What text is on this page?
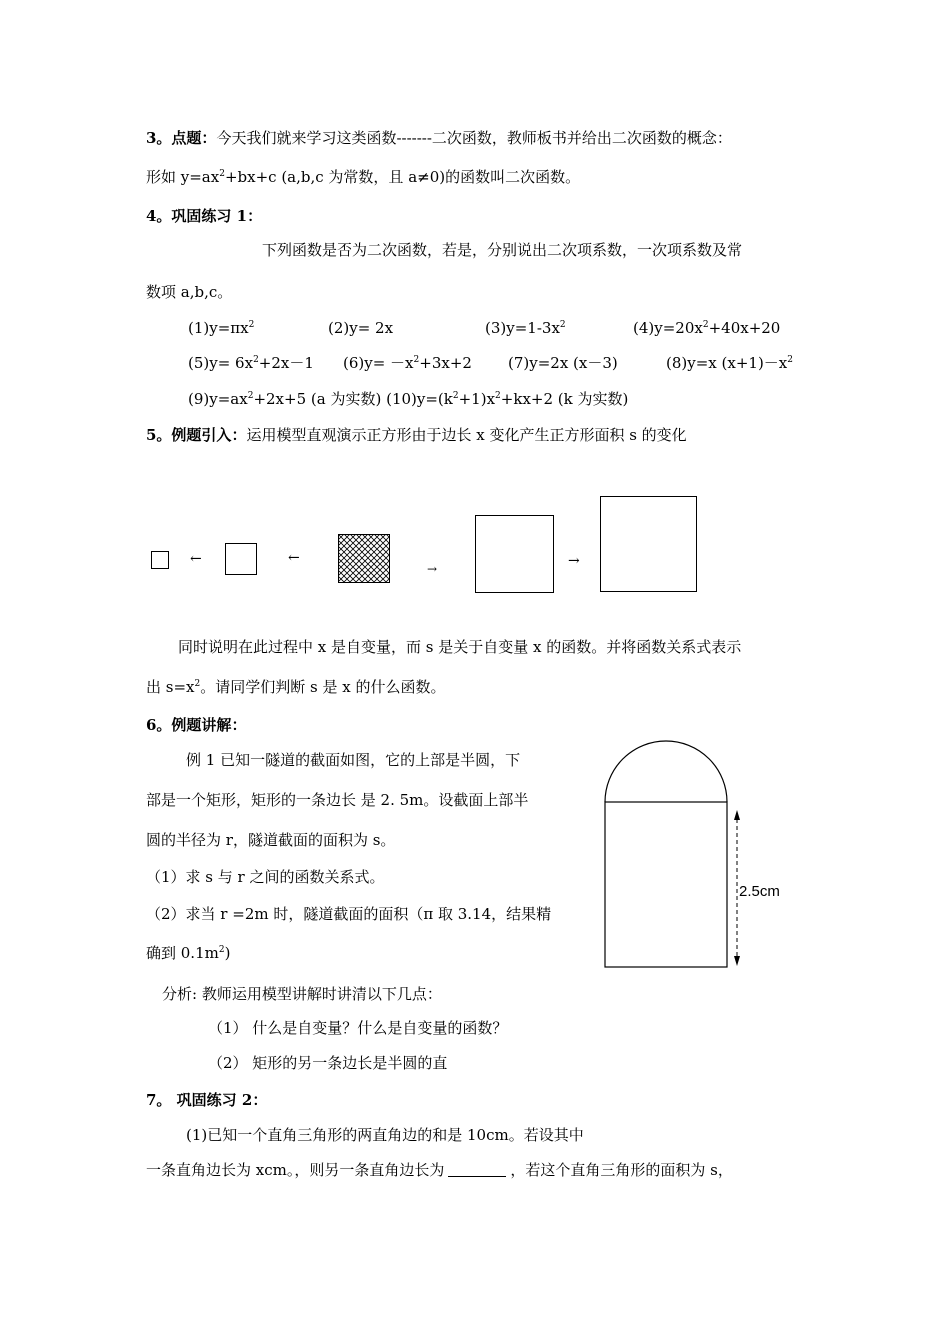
3。点题：今天我们就来学习这类函数-------二次函数，教师板书并给出二次函数的概念：
形如 $y=ax^2+bx+c$ (a,b,c 为常数，且 a≠0)的函数叫二次函数。
4。巩固练习 1：
下列函数是否为二次函数，若是，分别说出二次项系数，一次项系数及常
数项 a,b,c。
$(1)y=\pi x^2$	(2)y= 2x	$(3)y=1-3x^2$	$(4)y=20x^2+40x+20$
$(5)y= 6x^2+2x-1$ $(6)y= -x^2+3x+2$ (7)y=2x (x－3)	(8)y=x $(x+1)-x^2$
$(9)y=ax^2+2x+5$ (a 为实数) $(10)y=(k^2+1)x^2+kx+2$ (k 为实数)
5。例题引入：运用模型直观演示正方形由于边长 x 变化产生正方形面积 s 的变化
←	←
→	→
同时说明在此过程中 x 是自变量，而 s 是关于自变量 x 的函数。并将函数关系式表示
出 $s=x^2$。请同学们判断 s 是 x 的什么函数。
6。例题讲解：
例 1 已知一隧道的截面如图，它的上部是半圆，下
部是一个矩形，矩形的一条边长 是 2. 5m。设截面上部半
圆的半径为 r，隧道截面的面积为 s。
（1）求 s 与 r 之间的函数关系式。
（2）求当 r =2m 时，隧道截面的面积（π 取 3.14，结果精
确到 $0.1m^2$)
2.5cm
分析: 教师运用模型讲解时讲清以下几点：
（1） 什么是自变量？什么是自变量的函数？
（2） 矩形的另一条边长是半圆的直
7。 巩固练习 2：
(1)已知一个直角三角形的两直角边的和是 10cm。若设其中
一条直角边长为 xcm。，则另一条直角边长为	，若这个直角三角形的面积为 s，
